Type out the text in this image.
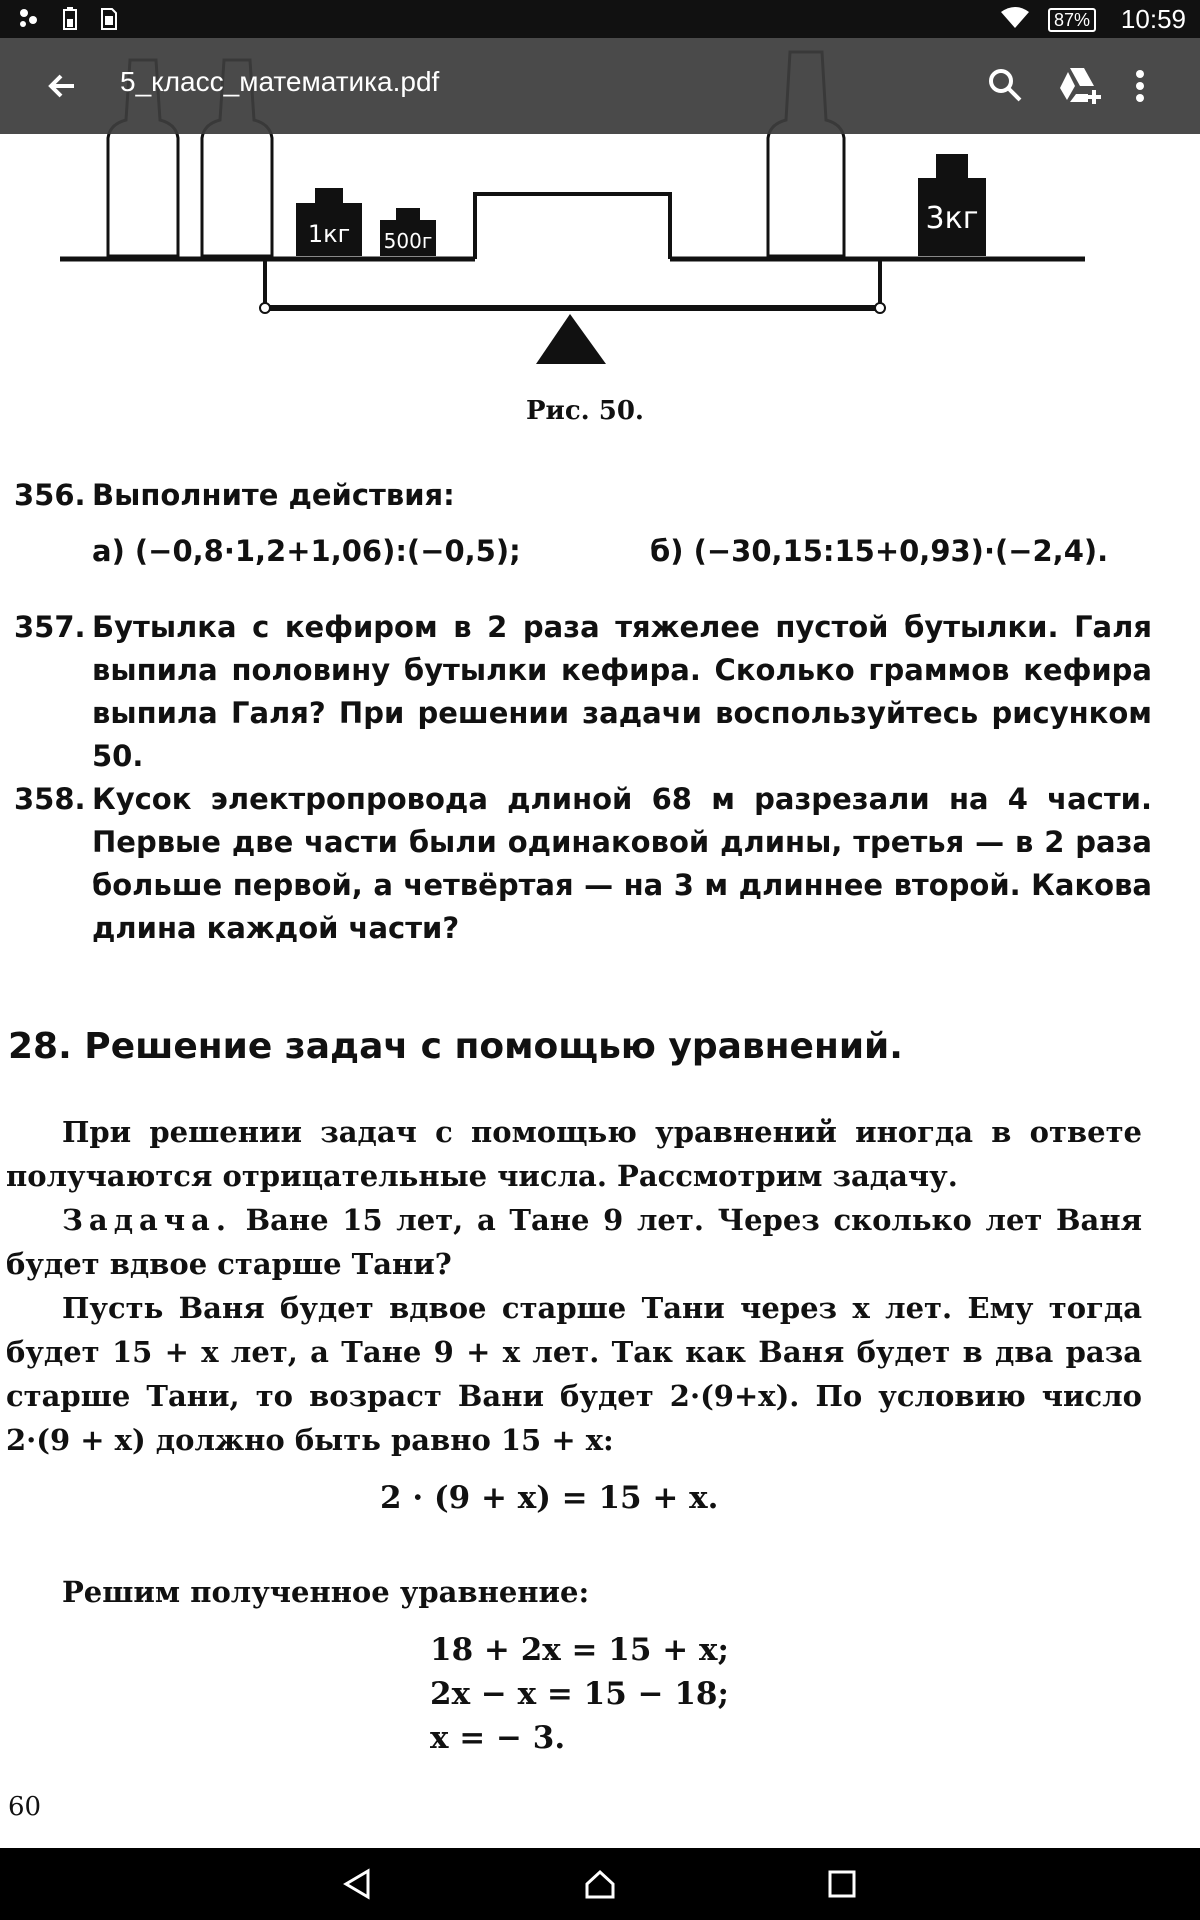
87% 10:59
1кг 500г
3кг
5_класс_математика.pdf
Рис. 50.
356. Выполните действия:
а) (−0,8·1,2+1,06):(−0,5);	б) (−30,15:15+0,93)·(−2,4).
357. Бутылка с кефиром в 2 раза тяжелее пустой бутылки. Галя выпила половину бутылки кефира. Сколько граммов кефира выпила Галя? При решении задачи воспользуйтесь рисунком 50.
358. Кусок электропровода длиной 68 м разрезали на 4 части. Первые две части были одинаковой длины, третья — в 2 раза больше первой, а четвёртая — на 3 м длиннее второй. Какова длина каждой части?
28. Решение задач с помощью уравнений.
При решении задач с помощью уравнений иногда в ответе получаются отрицательные числа. Рассмотрим задачу.
Задача. Ване 15 лет, а Тане 9 лет. Через сколько лет Ваня будет вдвое старше Тани?
Пусть Ваня будет вдвое старше Тани через x лет. Ему тогда будет 15 + x лет, а Тане 9 + x лет. Так как Ваня будет в два раза старше Тани, то возраст Вани будет 2·(9+x). По условию число 2·(9 + x) должно быть равно 15 + x:
2 · (9 + x) = 15 + x.
Решим полученное уравнение:
18 + 2x = 15 + x;
2x − x = 15 − 18;
x = − 3.
60
